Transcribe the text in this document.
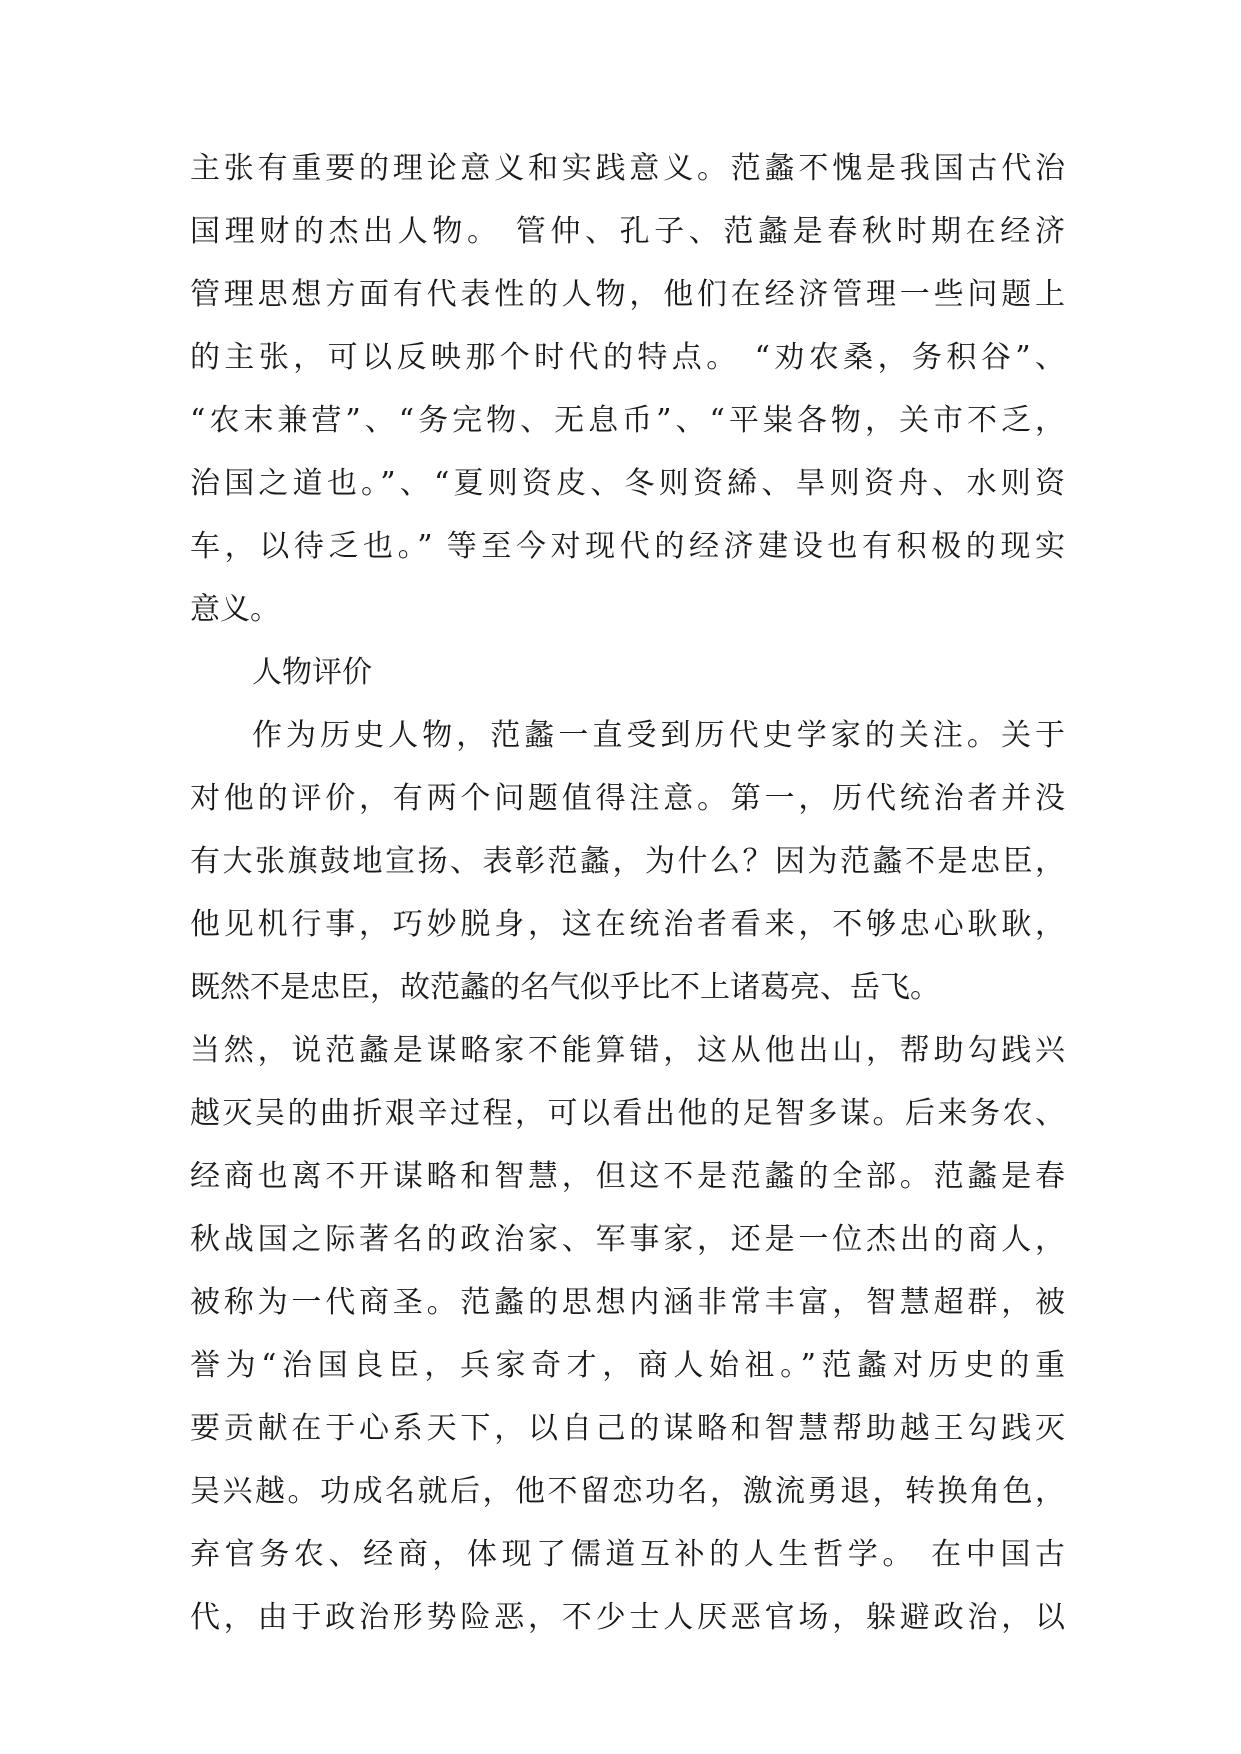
主张有重要的理论意义和实践意义。范蠡不愧是我国古代治
国理财的杰出人物。 管仲、孔子、范蠡是春秋时期在经济
管理思想方面有代表性的人物，他们在经济管理一些问题上
的主张，可以反映那个时代的特点。 “劝农桑，务积谷”、
“农末兼营”、“务完物、无息币”、“平粜各物，关市不乏，
治国之道也。”、“夏则资皮、冬则资絺、旱则资舟、水则资
车，以待乏也。” 等至今对现代的经济建设也有积极的现实
意义。
人物评价
作为历史人物，范蠡一直受到历代史学家的关注。关于
对他的评价，有两个问题值得注意。第一，历代统治者并没
有大张旗鼓地宣扬、表彰范蠡，为什么？因为范蠡不是忠臣，
他见机行事，巧妙脱身，这在统治者看来，不够忠心耿耿，
既然不是忠臣，故范蠡的名气似乎比不上诸葛亮、岳飞。
当然，说范蠡是谋略家不能算错，这从他出山，帮助勾践兴
越灭吴的曲折艰辛过程，可以看出他的足智多谋。后来务农、
经商也离不开谋略和智慧，但这不是范蠡的全部。范蠡是春
秋战国之际著名的政治家、军事家，还是一位杰出的商人，
被称为一代商圣。范蠡的思想内涵非常丰富，智慧超群，被
誉为“治国良臣，兵家奇才，商人始祖。”范蠡对历史的重
要贡献在于心系天下，以自己的谋略和智慧帮助越王勾践灭
吴兴越。功成名就后，他不留恋功名，激流勇退，转换角色，
弃官务农、经商，体现了儒道互补的人生哲学。 在中国古
代，由于政治形势险恶，不少士人厌恶官场，躲避政治，以
